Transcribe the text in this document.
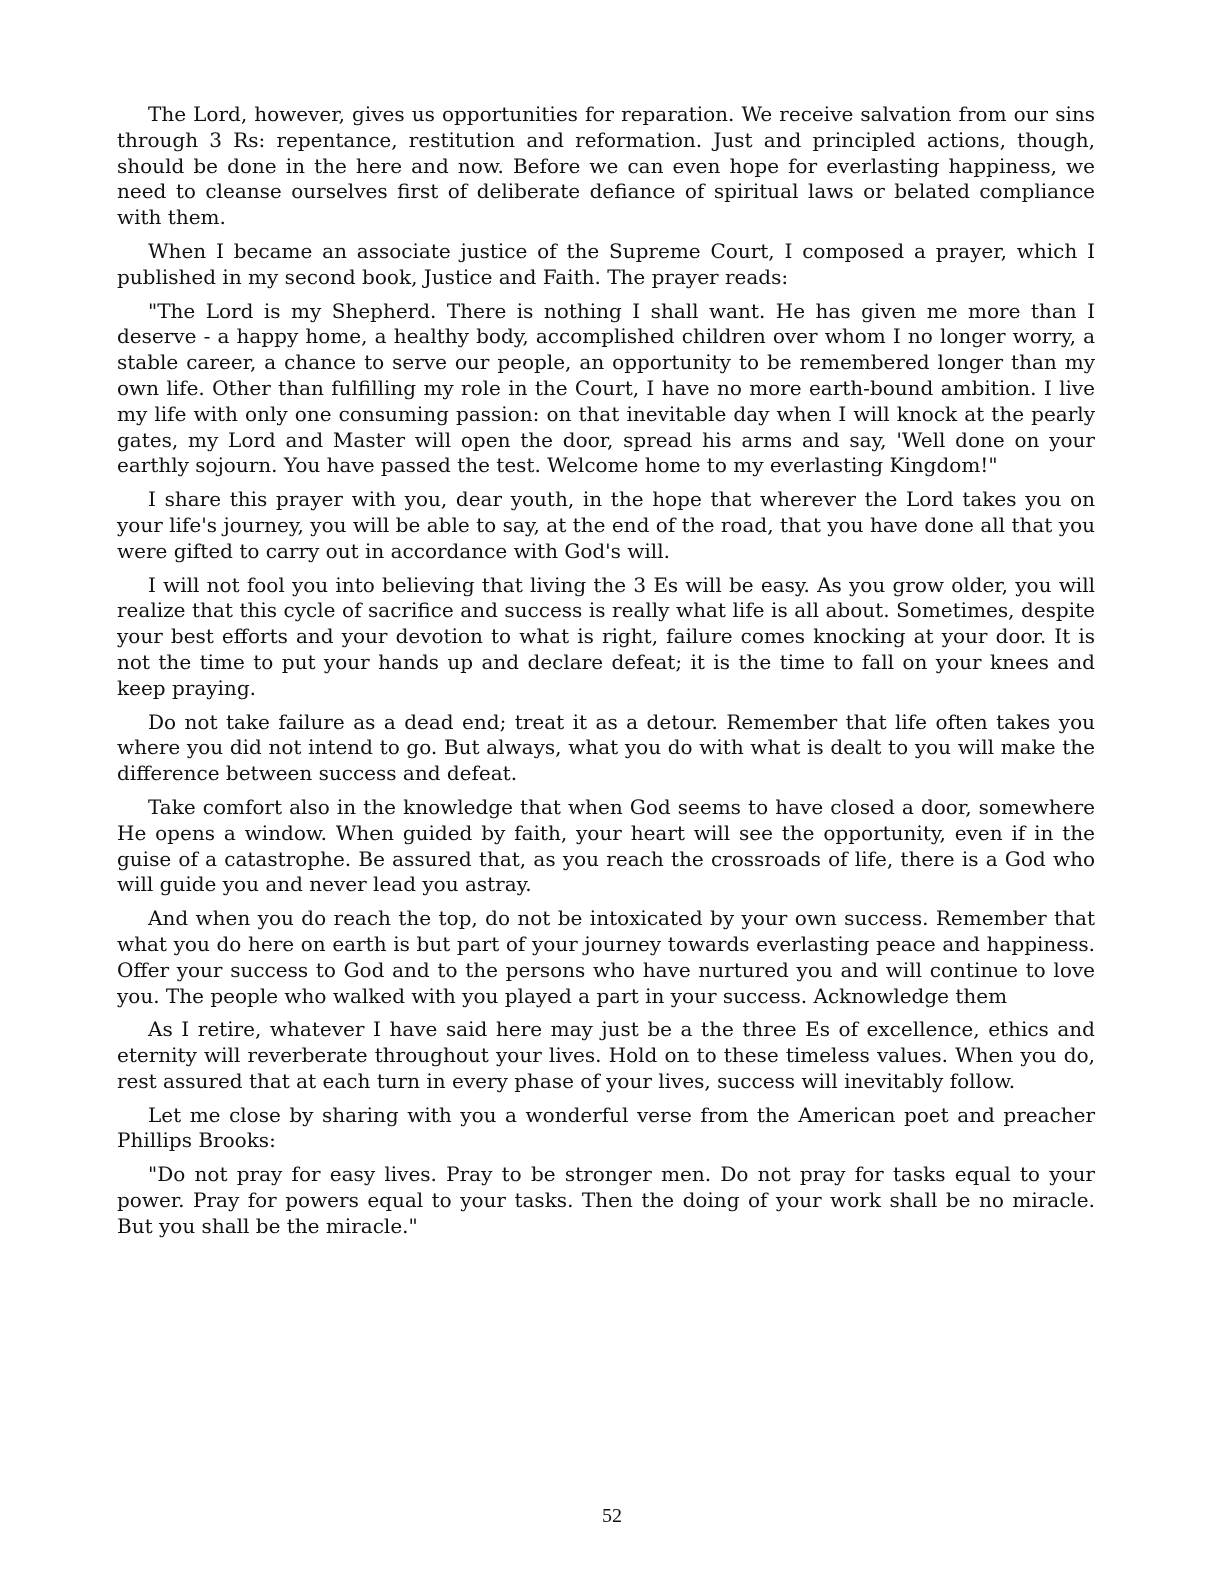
The Lord, however, gives us opportunities for reparation. We receive salvation from our sins through 3 Rs: repentance, restitution and reformation. Just and principled actions, though, should be done in the here and now. Before we can even hope for everlasting happiness, we need to cleanse ourselves first of deliberate defiance of spiritual laws or belated compliance with them.

When I became an associate justice of the Supreme Court, I composed a prayer, which I published in my second book, Justice and Faith. The prayer reads:

"The Lord is my Shepherd. There is nothing I shall want. He has given me more than I deserve - a happy home, a healthy body, accomplished children over whom I no longer worry, a stable career, a chance to serve our people, an opportunity to be remembered longer than my own life. Other than fulfilling my role in the Court, I have no more earth-bound ambition. I live my life with only one consuming passion: on that inevitable day when I will knock at the pearly gates, my Lord and Master will open the door, spread his arms and say, 'Well done on your earthly sojourn. You have passed the test. Welcome home to my everlasting Kingdom!"

I share this prayer with you, dear youth, in the hope that wherever the Lord takes you on your life's journey, you will be able to say, at the end of the road, that you have done all that you were gifted to carry out in accordance with God's will.

I will not fool you into believing that living the 3 Es will be easy. As you grow older, you will realize that this cycle of sacrifice and success is really what life is all about. Sometimes, despite your best efforts and your devotion to what is right, failure comes knocking at your door. It is not the time to put your hands up and declare defeat; it is the time to fall on your knees and keep praying.

Do not take failure as a dead end; treat it as a detour. Remember that life often takes you where you did not intend to go. But always, what you do with what is dealt to you will make the difference between success and defeat.

Take comfort also in the knowledge that when God seems to have closed a door, somewhere He opens a window. When guided by faith, your heart will see the opportunity, even if in the guise of a catastrophe. Be assured that, as you reach the crossroads of life, there is a God who will guide you and never lead you astray.

And when you do reach the top, do not be intoxicated by your own success. Remember that what you do here on earth is but part of your journey towards everlasting peace and happiness. Offer your success to God and to the persons who have nurtured you and will continue to love you. The people who walked with you played a part in your success. Acknowledge them

As I retire, whatever I have said here may just be a the three Es of excellence, ethics and eternity will reverberate throughout your lives. Hold on to these timeless values. When you do, rest assured that at each turn in every phase of your lives, success will inevitably follow.

Let me close by sharing with you a wonderful verse from the American poet and preacher Phillips Brooks:

"Do not pray for easy lives. Pray to be stronger men. Do not pray for tasks equal to your power. Pray for powers equal to your tasks. Then the doing of your work shall be no miracle. But you shall be the miracle."

52
